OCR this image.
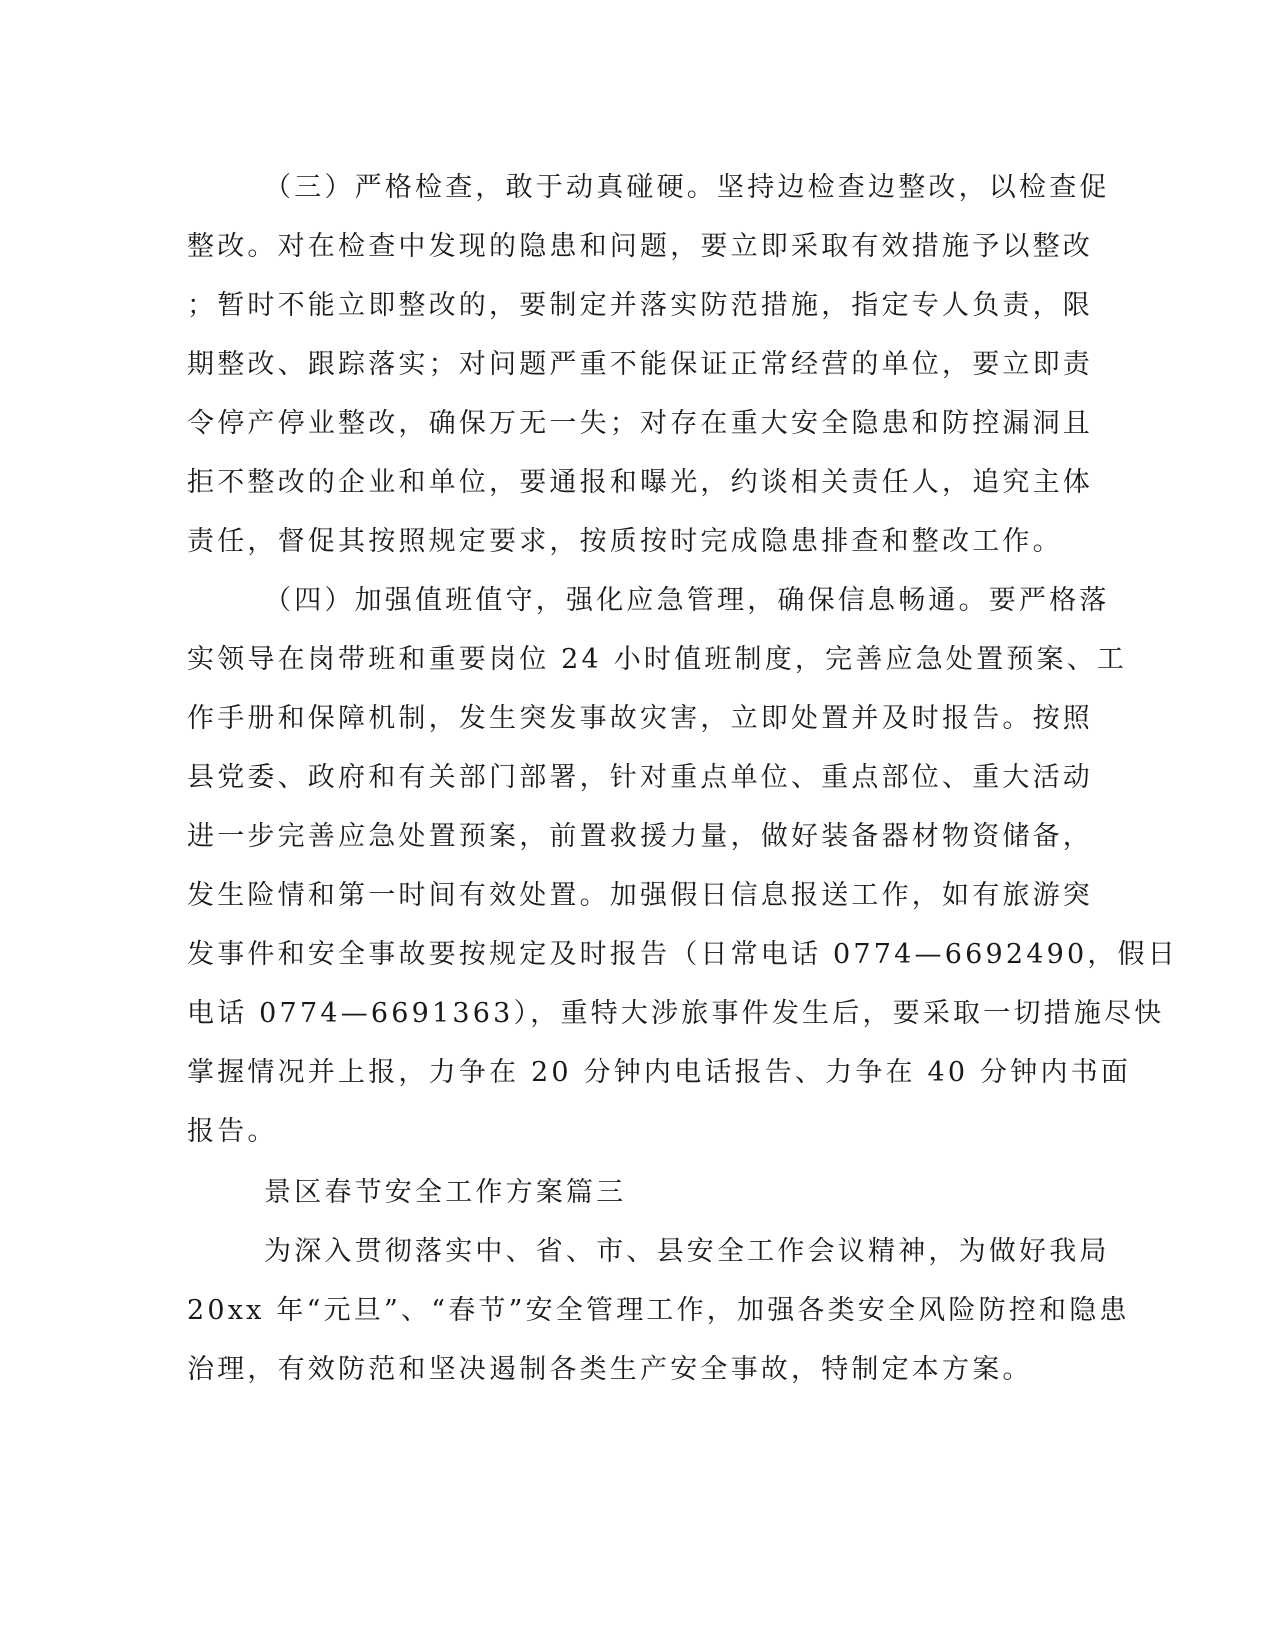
（三）严格检查，敢于动真碰硬。坚持边检查边整改，以检查促
整改。对在检查中发现的隐患和问题，要立即采取有效措施予以整改
；暂时不能立即整改的，要制定并落实防范措施，指定专人负责，限
期整改、跟踪落实；对问题严重不能保证正常经营的单位，要立即责
令停产停业整改，确保万无一失；对存在重大安全隐患和防控漏洞且
拒不整改的企业和单位，要通报和曝光，约谈相关责任人，追究主体
责任，督促其按照规定要求，按质按时完成隐患排查和整改工作。
（四）加强值班值守，强化应急管理，确保信息畅通。要严格落
实领导在岗带班和重要岗位 24 小时值班制度，完善应急处置预案、工
作手册和保障机制，发生突发事故灾害，立即处置并及时报告。按照
县党委、政府和有关部门部署，针对重点单位、重点部位、重大活动
进一步完善应急处置预案，前置救援力量，做好装备器材物资储备，
发生险情和第一时间有效处置。加强假日信息报送工作，如有旅游突
发事件和安全事故要按规定及时报告（日常电话 0774—6692490，假日
电话 0774—6691363），重特大涉旅事件发生后，要采取一切措施尽快
掌握情况并上报，力争在 20 分钟内电话报告、力争在 40 分钟内书面
报告。
景区春节安全工作方案篇三
为深入贯彻落实中、省、市、县安全工作会议精神，为做好我局
20xx 年“元旦”、“春节”安全管理工作，加强各类安全风险防控和隐患
治理，有效防范和坚决遏制各类生产安全事故，特制定本方案。
